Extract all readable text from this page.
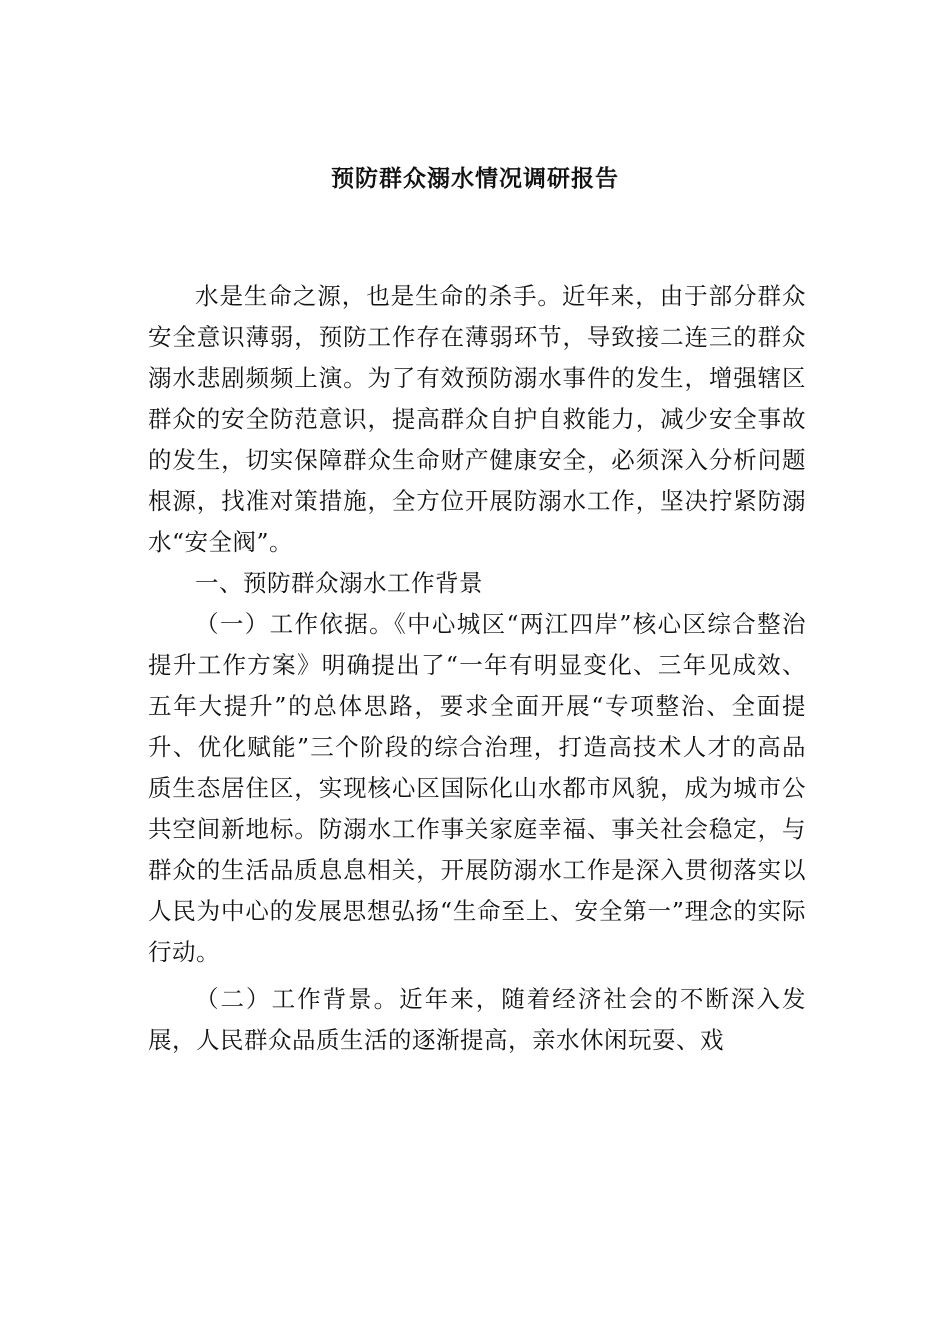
预防群众溺水情况调研报告

水是生命之源，也是生命的杀手。近年来，由于部分群众安全意识薄弱，预防工作存在薄弱环节，导致接二连三的群众溺水悲剧频频上演。为了有效预防溺水事件的发生，增强辖区群众的安全防范意识，提高群众自护自救能力，减少安全事故的发生，切实保障群众生命财产健康安全，必须深入分析问题根源，找准对策措施，全方位开展防溺水工作，坚决拧紧防溺水“安全阀”。

一、预防群众溺水工作背景

（一）工作依据。《中心城区“两江四岸”核心区综合整治提升工作方案》明确提出了“一年有明显变化、三年见成效、五年大提升”的总体思路，要求全面开展“专项整治、全面提升、优化赋能”三个阶段的综合治理，打造高技术人才的高品质生态居住区，实现核心区国际化山水都市风貌，成为城市公共空间新地标。防溺水工作事关家庭幸福、事关社会稳定，与群众的生活品质息息相关，开展防溺水工作是深入贯彻落实以人民为中心的发展思想弘扬“生命至上、安全第一”理念的实际行动。

（二）工作背景。近年来，随着经济社会的不断深入发展，人民群众品质生活的逐渐提高，亲水休闲玩耍、戏
